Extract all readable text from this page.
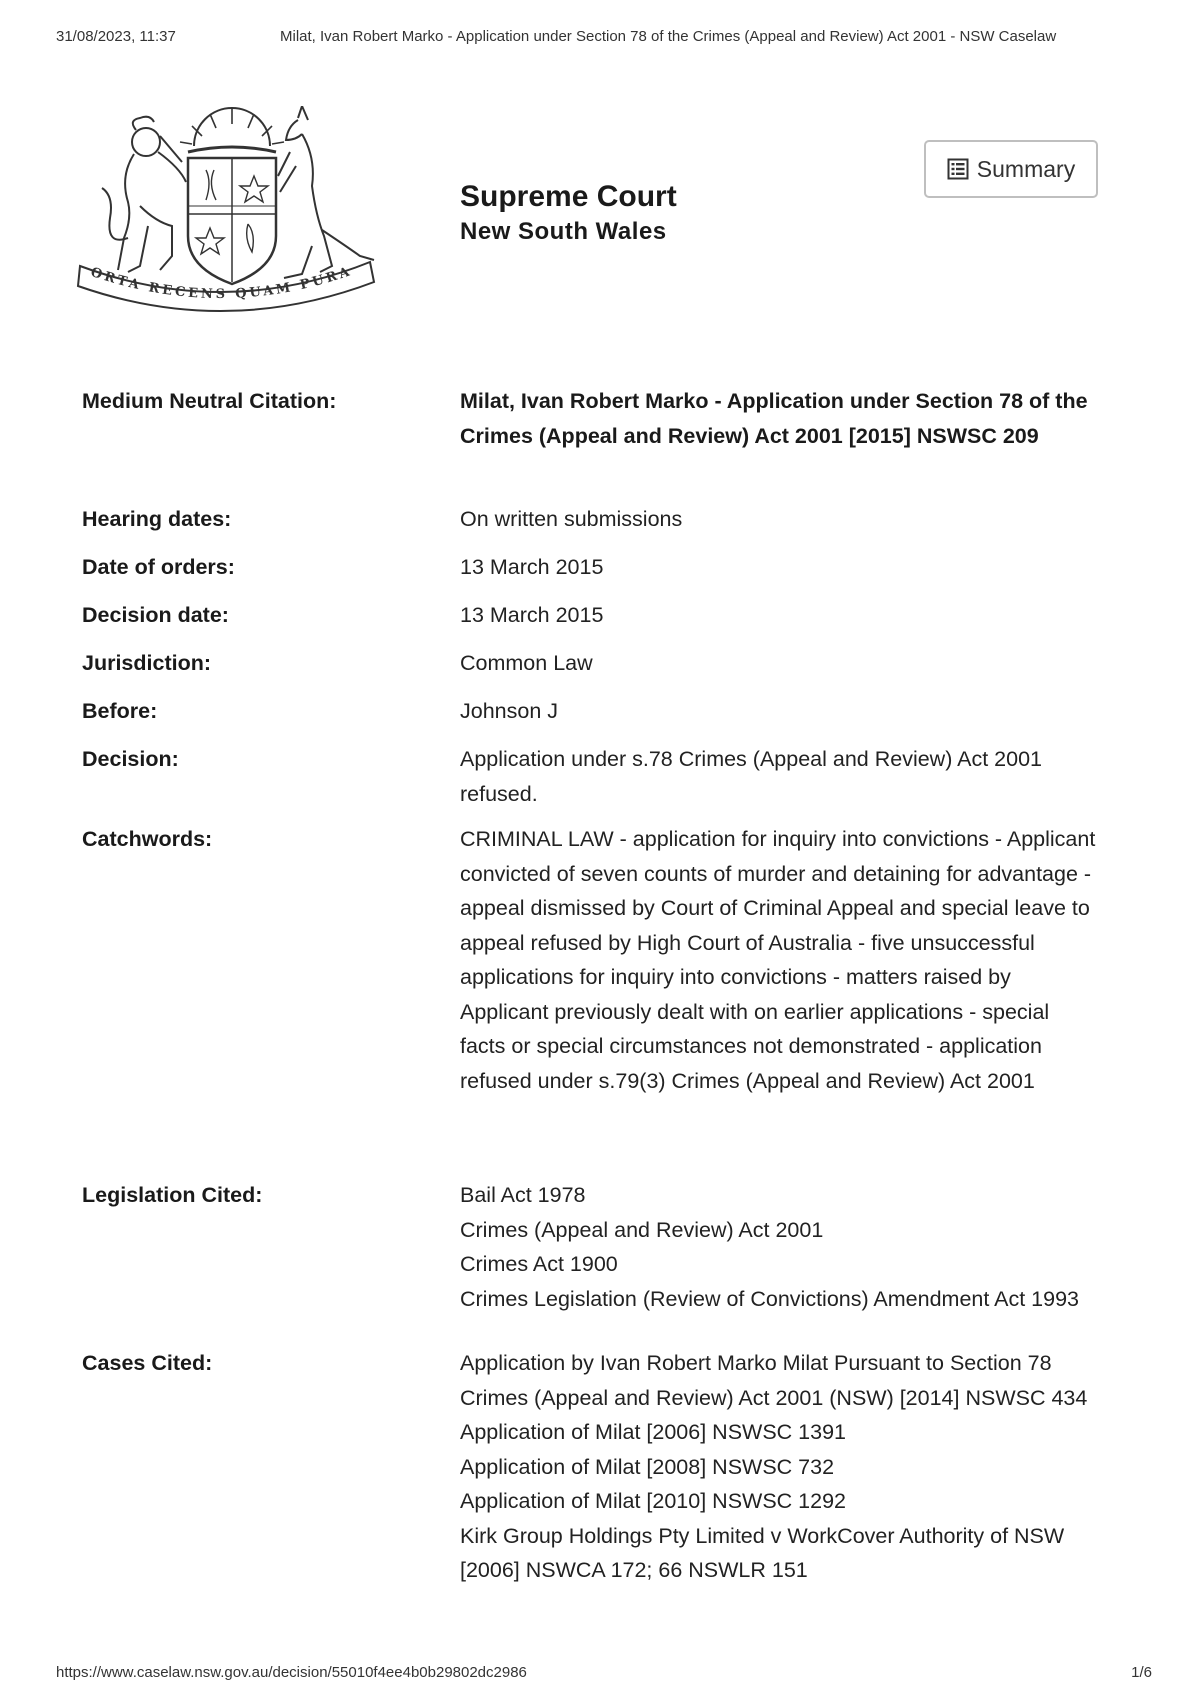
31/08/2023, 11:37	Milat, Ivan Robert Marko - Application under Section 78 of the Crimes (Appeal and Review) Act 2001 - NSW Caselaw
ORTA RECENS QUAM PURA
Supreme Court
New South Wales
Summary
Medium Neutral Citation:	Milat, Ivan Robert Marko - Application under Section 78 of the Crimes (Appeal and Review) Act 2001 [2015] NSWSC 209
Hearing dates:	On written submissions
Date of orders:	13 March 2015
Decision date:	13 March 2015
Jurisdiction:	Common Law
Before:	Johnson J
Decision:	Application under s.78 Crimes (Appeal and Review) Act 2001 refused.
Catchwords:	CRIMINAL LAW - application for inquiry into convictions - Applicant convicted of seven counts of murder and detaining for advantage - appeal dismissed by Court of Criminal Appeal and special leave to appeal refused by High Court of Australia - five unsuccessful applications for inquiry into convictions - matters raised by Applicant previously dealt with on earlier applications - special facts or special circumstances not demonstrated - application refused under s.79(3) Crimes (Appeal and Review) Act 2001
Legislation Cited:	Bail Act 1978
Crimes (Appeal and Review) Act 2001
Crimes Act 1900
Crimes Legislation (Review of Convictions) Amendment Act 1993
Cases Cited:	Application by Ivan Robert Marko Milat Pursuant to Section 78 Crimes (Appeal and Review) Act 2001 (NSW) [2014] NSWSC 434
Application of Milat [2006] NSWSC 1391
Application of Milat [2008] NSWSC 732
Application of Milat [2010] NSWSC 1292
Kirk Group Holdings Pty Limited v WorkCover Authority of NSW [2006] NSWCA 172; 66 NSWLR 151
https://www.caselaw.nsw.gov.au/decision/55010f4ee4b0b29802dc2986	1/6
